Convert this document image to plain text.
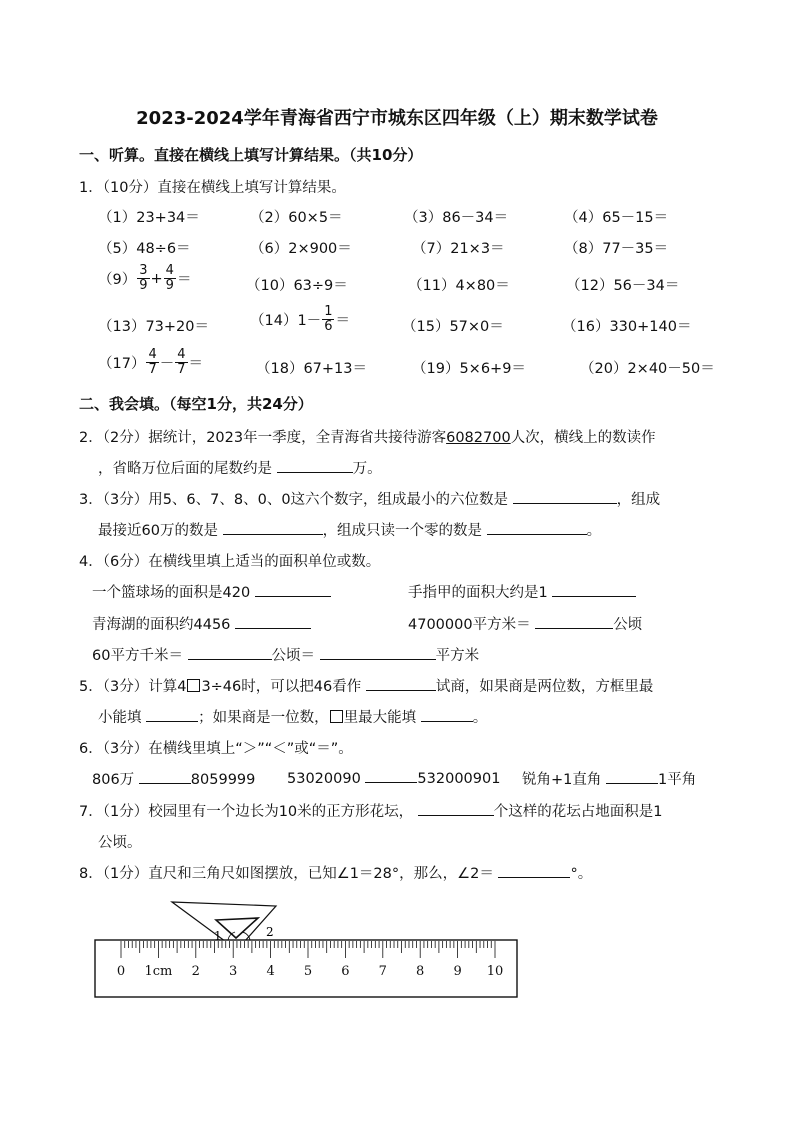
2023-2024学年青海省西宁市城东区四年级（上）期末数学试卷
一、听算。直接在横线上填写计算结果。（共10分）
1．（10分）直接在横线上填写计算结果。
（1）23+34＝	（2）60×5＝	（3）86－34＝	（4）65－15＝
（5）48÷6＝	（6）2×900＝	（7）21×3＝	（8）77－35＝
$(9) \frac{3}{9} + \frac{4}{9}$ ＝	（10）63÷9＝	（11）4×80＝	（12）56－34＝
（13）73+20＝	（14） $1- \frac{1}{6}$ ＝	（15）57×0＝	（16）330+140＝
$(17) \frac{4}{7} - \frac{4}{7}$ ＝	（18）67+13＝	（19）5×6+9＝	（20）2×40－50＝
二、我会填。（每空1分，共24分）
2．（2分）据统计，2023年一季度，全青海省共接待游客6082700人次，横线上的数读作
，省略万位后面的尾数约是	万。
3．（3分）用5、6、7、8、0、0这六个数字，组成最小的六位数是	，组成
最接近60万的数是	，组成只读一个零的数是	。
4．（6分）在横线里填上适当的面积单位或数。
一个篮球场的面积是420	手指甲的面积大约是1
青海湖的面积约4456	4700000平方米＝	公顷
60平方千米＝	公顷＝	平方米
5．（3分）计算4 3÷46时，可以把46看作	试商，如果商是两位数，方框里最
小能填	；如果商是一位数， 里最大能填	。
6．（3分）在横线里填上“＞”“＜”或“＝”。
806万	8059999 53020090	532000901 锐角+1直角	1平角
7．（1分）校园里有一个边长为10米的正方形花坛，	个这样的花坛占地面积是1
公顷。
8．（1分）直尺和三角尺如图摆放，已知∠1＝28°，那么，∠2＝	°。
0 1cm 2 3 4 5 6 7 8 9 10
1	2
